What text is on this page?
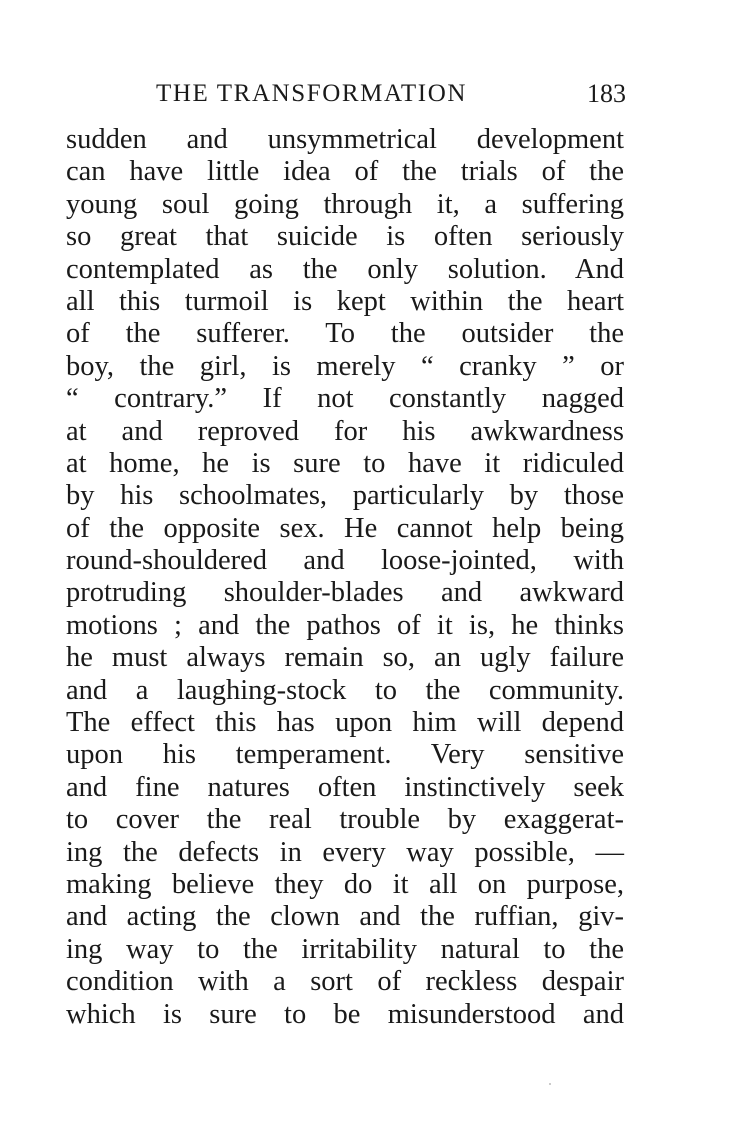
THE TRANSFORMATION	183
sudden and unsymmetrical development
can have little idea of the trials of the
young soul going through it, a suffering
so great that suicide is often seriously
contemplated as the only solution. And
all this turmoil is kept within the heart
of the sufferer. To the outsider the
boy, the girl, is merely “ cranky ” or
“ contrary.” If not constantly nagged
at and reproved for his awkwardness
at home, he is sure to have it ridiculed
by his schoolmates, particularly by those
of the opposite sex. He cannot help being
round-shouldered and loose-jointed, with
protruding shoulder-blades and awkward
motions ; and the pathos of it is, he thinks
he must always remain so, an ugly failure
and a laughing-stock to the community.
The effect this has upon him will depend
upon his temperament. Very sensitive
and fine natures often instinctively seek
to cover the real trouble by exaggerat-
ing the defects in every way possible, —
making believe they do it all on purpose,
and acting the clown and the ruffian, giv-
ing way to the irritability natural to the
condition with a sort of reckless despair
which is sure to be misunderstood and
